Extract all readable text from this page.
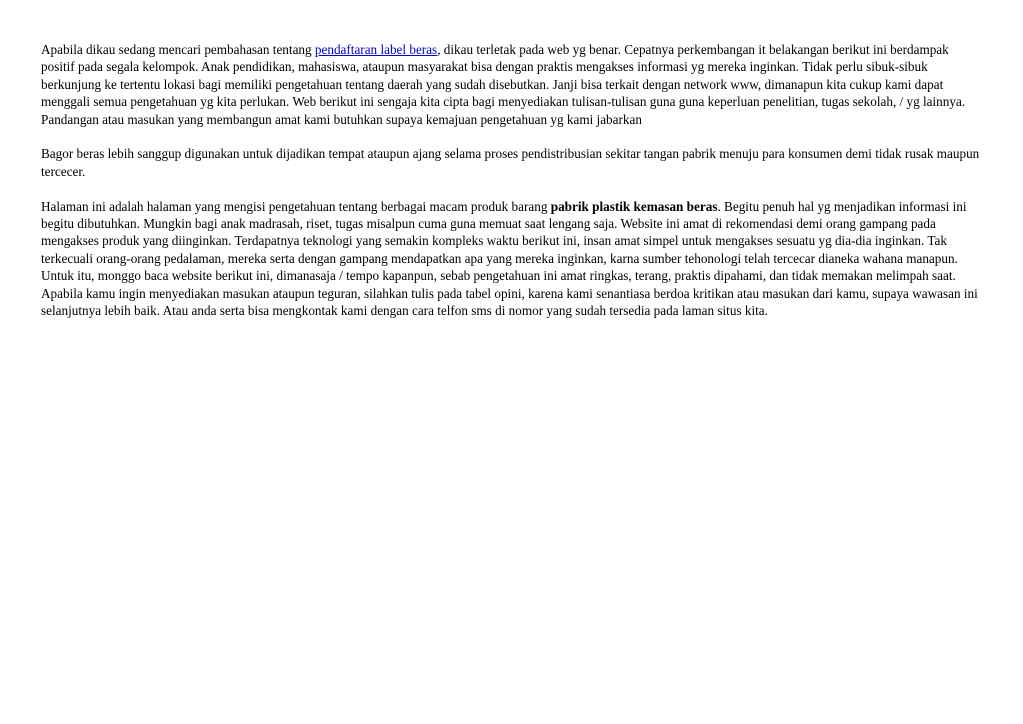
Apabila dikau sedang mencari pembahasan tentang pendaftaran label beras, dikau terletak pada web yg benar. Cepatnya perkembangan it belakangan berikut ini berdampak positif pada segala kelompok. Anak pendidikan, mahasiswa, ataupun masyarakat bisa dengan praktis mengakses informasi yg mereka inginkan. Tidak perlu sibuk-sibuk berkunjung ke tertentu lokasi bagi memiliki pengetahuan tentang daerah yang sudah disebutkan. Janji bisa terkait dengan network www, dimanapun kita cukup kami dapat menggali semua pengetahuan yg kita perlukan. Web berikut ini sengaja kita cipta bagi menyediakan tulisan-tulisan guna guna keperluan penelitian, tugas sekolah, / yg lainnya. Pandangan atau masukan yang membangun amat kami butuhkan supaya kemajuan pengetahuan yg kami jabarkan

Bagor beras lebih sanggup digunakan untuk dijadikan tempat ataupun ajang selama proses pendistribusian sekitar tangan pabrik menuju para konsumen demi tidak rusak maupun tercecer.

Halaman ini adalah halaman yang mengisi pengetahuan tentang berbagai macam produk barang pabrik plastik kemasan beras. Begitu penuh hal yg menjadikan informasi ini begitu dibutuhkan. Mungkin bagi anak madrasah, riset, tugas misalpun cuma guna memuat saat lengang saja. Website ini amat di rekomendasi demi orang gampang pada mengakses produk yang diinginkan. Terdapatnya teknologi yang semakin kompleks waktu berikut ini, insan amat simpel untuk mengakses sesuatu yg dia-dia inginkan. Tak terkecuali orang-orang pedalaman, mereka serta dengan gampang mendapatkan apa yang mereka inginkan, karna sumber tehonologi telah tercecar dianeka wahana manapun. Untuk itu, monggo baca website berikut ini, dimanasaja / tempo kapanpun, sebab pengetahuan ini amat ringkas, terang, praktis dipahami, dan tidak memakan melimpah saat. Apabila kamu ingin menyediakan masukan ataupun teguran, silahkan tulis pada tabel opini, karena kami senantiasa berdoa kritikan atau masukan dari kamu, supaya wawasan ini selanjutnya lebih baik. Atau anda serta bisa mengkontak kami dengan cara telfon sms di nomor yang sudah tersedia pada laman situs kita.
